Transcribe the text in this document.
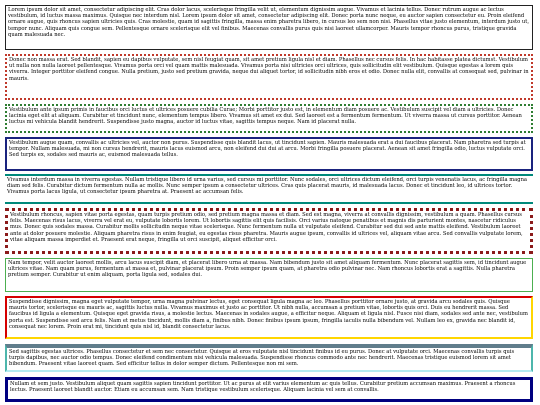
Lorem ipsum dolor sit amet, consectetur adipiscing elit. Cras dolor lacus, scelerisque fringilla velit ut, elementum dignissim augue. Vivamus et lacinia tellus. Donec rutrum augue ac lectus vestibulum, id luctus massa maximus. Quisque nec interdum nisl. Lorem ipsum dolor sit amet, consectetur adipiscing elit. Donec porta nunc neque, eu auctor sapien consectetur eu. Proin eleifend ornare augue, quis rhoncus sapien ultricies quis. Cras molestie, quam id sagittis fringilla, massa enim pharetra libero, in cursus leo sem non nisi. Phasellus vitae justo elementum, interdum justo ut, tempor nunc. Aliquam quis congue sem. Pellentesque ornare scelerisque elit vel finibus. Maecenas convallis purus quis nisi laoreet ullamcorper. Mauris tempor rhoncus purus, tristique gravida quam malesuada nec.
Donec non massa erat. Sed blandit, sapien eu dapibus vulputate, sem nisl feugiat quam, sit amet pretium ligula nisl et diam. Phasellus nec cursus felis. In hac habitasse platea dictumst. Vestibulum ut nulla non nulla laoreet pellentesque. Vivamus porta orci vel quam mattis malesuada. Vivamus porta nisi ultricies orci ultrices, quis sollicitudin elit vestibulum. Quisque egestas a lorem quis viverra. Integer porttitor eleifend congue. Nulla pretium, justo sed pretium gravida, neque dui aliquet tortor, id sollicitudin nibh eros et odio. Donec nulla elit, convallis at consequat sed, pulvinar in mauris.
Vestibulum ante ipsum primis in faucibus orci luctus et ultrices posuere cubilia Curae; Morbi porttitor justo est, in elementum diam posuere ac. Vestibulum suscipit vel diam a ultricies. Donec lacinia eget elit at aliquam. Curabitur et tincidunt nunc, elementum tempus libero. Vivamus sit amet ex dui. Sed laoreet est a fermentum fermentum. Ut viverra massa ut cursus porttitor. Aenean luctus mi vehicula blandit hendrerit. Suspendisse justo magna, auctor id luctus vitae, sagittis tempus neque. Nam id placerat nulla.
Vestibulum augue quam, convallis ac ultricies vel, auctor non purus. Suspendisse quis blandit lacus, ut tincidunt sapien. Mauris malesuada erat a dui faucibus placerat. Nam pharetra sed turpis at tempor. Nullam malesuada, mi non cursus hendrerit, mauris lacus euismod arcu, non eleifend dui dui at arcu. Morbi fringilla posuere placerat. Aenean sit amet fringilla odio, luctus vulputate orci. Sed turpis ex, sodales sed mauris ac, euismod malesuada tellus.
Vivamus interdum massa in viverra egestas. Nullam tristique libero id urna varius, sed cursus mi porttitor. Nunc sodales, orci ultrices dictum eleifend, orci turpis venenatis lacus, ac fringilla magna diam sed felis. Curabitur dictum fermentum nulla ac mollis. Nunc semper ipsum a consectetur ultrices. Cras quis placerat mauris, id malesuada lacus. Donec et tincidunt leo, id ultrices tortor. Vivamus porta lacus ligula, ut consectetur ipsum pharetra at. Praesent ac accumsan felis.
Vestibulum rhoncus, sapien vitae porta egestas, quam turpis pretium odio, sed pretium magna massa et diam. Sed est magna, viverra at convallis dignissim, vestibulum a quam. Phasellus cursus felis. Maecenas risus lacus, viverra vel erat eu, vulputate lobortis lorem. Ut lobortis sagittis elit quis facilisis. Orci varius natoque penatibus et magnis dis parturient montes, nascetur ridiculus mus. Donec quis sodales massa. Curabitur mollis sollicitudin neque vitae scelerisque. Nunc fermentum nulla ut vulputate eleifend. Curabitur sed dui sed ante mattis eleifend. Vestibulum laoreet ante at dolor posuere molestie. Aliquam pharetra risus in enim feugiat, eu egestas risus pharetra. Mauris augue ipsum, convallis id ultrices vel, aliquam vitae arcu. Sed convallis vulputate lorem, vitae aliquam massa imperdiet et. Praesent erat neque, fringilla ut orci suscipit, aliquet efficitur orci.
Nam tempor, velit auctor laoreet mollis, arcu lacus suscipit diam, et placerat libero urna at massa. Nam bibendum justo sit amet aliquam fermentum. Nunc placerat sagittis sem, id tincidunt augue ultrices vitae. Nam quam purus, fermentum at massa et, pulvinar placerat ipsum. Proin semper ipsum quam, at pharetra odio pulvinar nec. Nam rhoncus lobortis erat a sagittis. Nulla pharetra pretium semper. Curabitur ut enim aliquam, porta ligula sed, sodales dui.
Suspendisse dignissim, magna eget vulputate tempor, urna magna pulvinar lectus, eget consequat ligula magna ac leo. Phasellus porttitor ornare justo, at gravida arcu sodales quis. Quisque mauris tortor, scelerisque eu mauris ac, sagittis luctus nulla. Vivamus maximus et justo ac porttitor. Ut nibh nulla, accumsan a pretium vitae, lobortis quis orci. Duis eu hendrerit massa. Sed faucibus id ligula a elementum. Quisque eget gravida risus, a molestie lectus. Maecenas in sodales augue, a efficitur neque. Aliquam et ligula nisl. Fusce nisi diam, sodales sed ante nec, vestibulum porta est. Suspendisse sed arcu felis. Nam et metus tincidunt, mollis diam a, finibus nibh. Donec finibus ipsum ipsum, fringilla iaculis nulla bibendum vel. Nullam leo ex, gravida nec blandit id, consequat nec lorem. Proin erat mi, tincidunt quis nisl id, blandit consectetur lacus.
Sed sagittis egestas ultrices. Phasellus consectetur et sem nec consectetur. Quisque at eros vulputate nisl tincidunt finibus id eu purus. Donec at vulputate orci. Maecenas convallis turpis quis turpis dapibus, nec auctor odio tempus. Donec eleifend condimentum nisi vehicula malesuada. Suspendisse rhoncus commodo ante nec hendrerit. Maecenas tristique euismod lorem sit amet bibendum. Praesent vitae laoreet quam. Sed efficitur tellus in dolor semper dictum. Pellentesque non mi sem.
Nullam et sem justo. Vestibulum aliquet quam sagittis sapien tincidunt porttitor. Ut ac purus at elit varius elementum ac quis tellus. Curabitur pretium accumsan maximus. Praesent a rhoncus lectus. Praesent laoreet blandit auctor. Etiam eu accumsan sem. Nam tristique vestibulum scelerisque. Aliquam lacinia vel sem at convallis.
